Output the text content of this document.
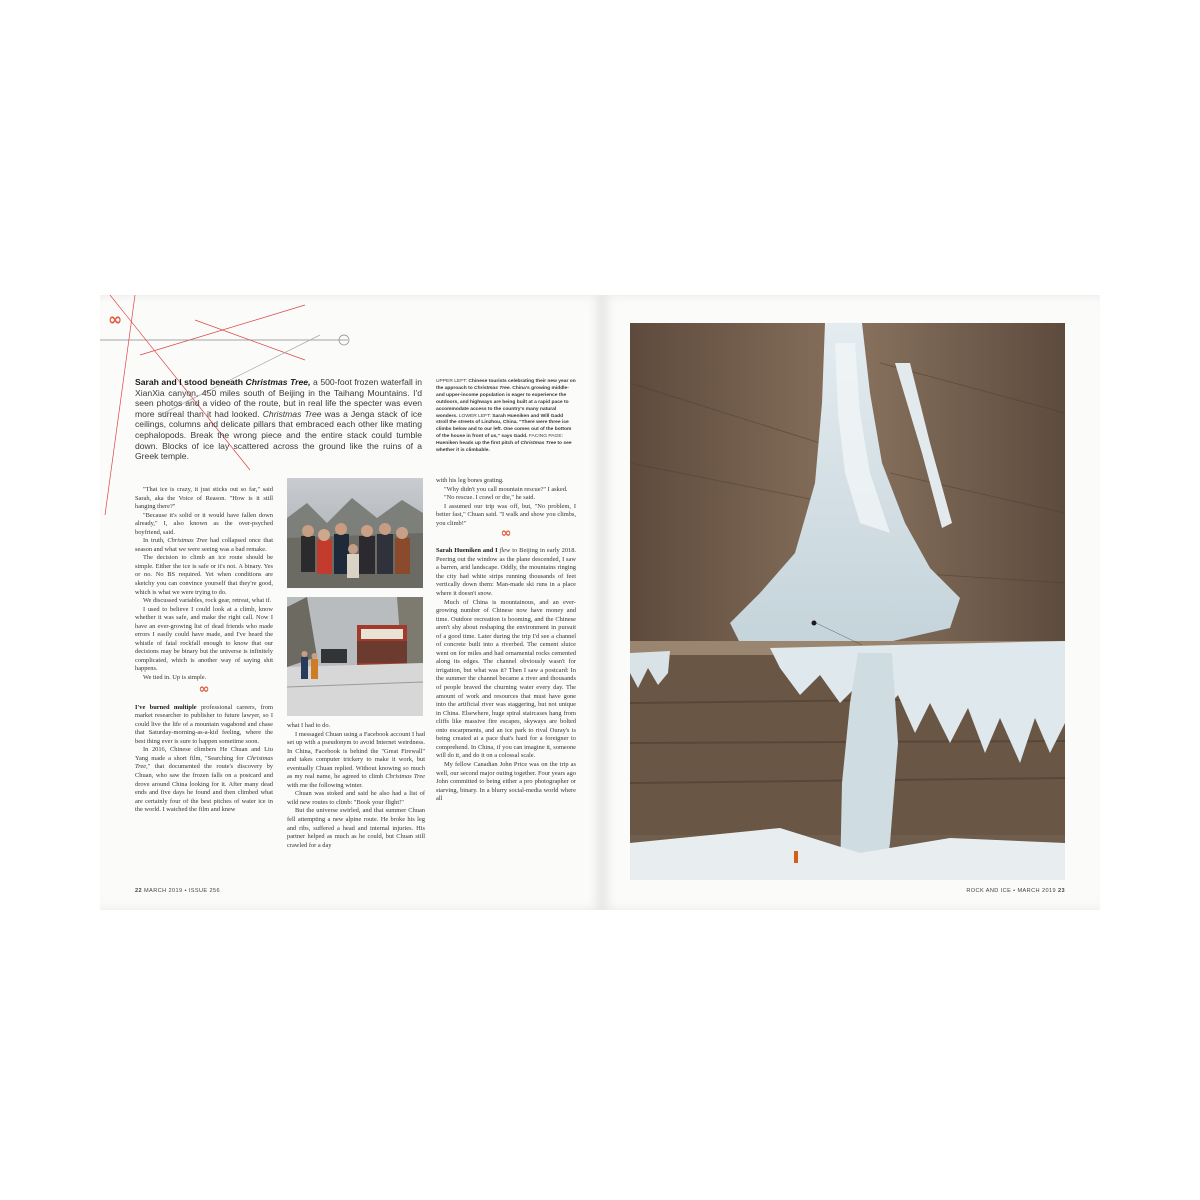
∞
Sarah and I stood beneath Christmas Tree, a 500-foot frozen waterfall in XianXia canyon, 450 miles south of Beijing in the Taihang Mountains. I'd seen photos and a video of the route, but in real life the specter was even more surreal than it had looked. Christmas Tree was a Jenga stack of ice ceilings, columns and delicate pillars that embraced each other like mating cephalopods. Break the wrong piece and the entire stack could tumble down. Blocks of ice lay scattered across the ground like the ruins of a Greek temple.
UPPER LEFT: Chinese tourists celebrating their new year on the approach to Christmas Tree. China's growing middle- and upper-income population is eager to experience the outdoors, and highways are being built at a rapid pace to accommodate access to the country's many natural wonders. LOWER LEFT: Sarah Hueniken and Will Gadd stroll the streets of Linzhou, China. "There were three ice climbs below and to our left. One comes out of the bottom of the house in front of us," says Gadd. FACING PAGE: Hueniken heads up the first pitch of Christmas Tree to see whether it is climbable.

"That ice is crazy, it just sticks out so far," said Sarah, aka the Voice of Reason. "How is it still hanging there?"

"Because it's solid or it would have fallen down already," I, also known as the over-psyched boyfriend, said.

In truth, Christmas Tree had collapsed once that season and what we were seeing was a bad remake.

The decision to climb an ice route should be simple. Either the ice is safe or it's not. A binary. Yes or no. No BS required. Yet when conditions are sketchy you can convince yourself that they're good, which is what we were trying to do.

We discussed variables, rock gear, retreat, what if.

I used to believe I could look at a climb, know whether it was safe, and make the right call. Now I have an ever-growing list of dead friends who made errors I easily could have made, and I've heard the whistle of fatal rockfall enough to know that our decisions may be binary but the universe is infinitely complicated, which is another way of saying shit happens.

We tied in. Up is simple.

∞

I've burned multiple professional careers, from market researcher to publisher to future lawyer, so I could live the life of a mountain vagabond and chase that Saturday-morning-as-a-kid feeling, where the best thing ever is sure to happen sometime soon.

In 2016, Chinese climbers He Chuan and Liu Yang made a short film, "Searching for Christmas Tree," that documented the route's discovery by Chuan, who saw the frozen falls on a postcard and drove around China looking for it. After many dead ends and five days he found and then climbed what are certainly four of the best pitches of water ice in the world. I watched the film and knew

what I had to do.

I messaged Chuan using a Facebook account I had set up with a pseudonym to avoid Internet weirdness. In China, Facebook is behind the "Great Firewall" and takes computer trickery to make it work, but eventually Chuan replied. Without knowing so much as my real name, he agreed to climb Christmas Tree with me the following winter.

Chuan was stoked and said he also had a list of wild new routes to climb: "Book your flight!"

But the universe swirled, and that summer Chuan fell attempting a new alpine route. He broke his leg and ribs, suffered a head and internal injuries. His partner helped as much as he could, but Chuan still crawled for a day

with his leg bones grating.

"Why didn't you call mountain rescue?" I asked.

"No rescue. I crawl or die," he said.

I assumed our trip was off, but, "No problem, I better fast," Chuan said. "I walk and show you climbs, you climb!"

∞

Sarah Hueniken and I flew to Beijing in early 2018. Peering out the window as the plane descended, I saw a barren, arid landscape. Oddly, the mountains ringing the city had white strips running thousands of feet vertically down them: Man-made ski runs in a place where it doesn't snow.

Much of China is mountainous, and an ever-growing number of Chinese now have money and time. Outdoor recreation is booming, and the Chinese aren't shy about reshaping the environment in pursuit of a good time. Later during the trip I'd see a channel of concrete built into a riverbed. The cement sluice went on for miles and had ornamental rocks cemented along its edges. The channel obviously wasn't for irrigation, but what was it? Then I saw a postcard: In the summer the channel became a river and thousands of people braved the churning water every day. The amount of work and resources that must have gone into the artificial river was staggering, but not unique in China. Elsewhere, huge spiral staircases hang from cliffs like massive fire escapes, skyways are bolted onto escarpments, and an ice park to rival Ouray's is being created at a pace that's hard for a foreigner to comprehend. In China, if you can imagine it, someone will do it, and do it on a colossal scale.

My fellow Canadian John Price was on the trip as well, our second major outing together. Four years ago John committed to being either a pro photographer or starving, binary. In a blurry social-media world where all

22 MARCH 2019 • ISSUE 256	ROCK AND ICE • MARCH 2019 23
